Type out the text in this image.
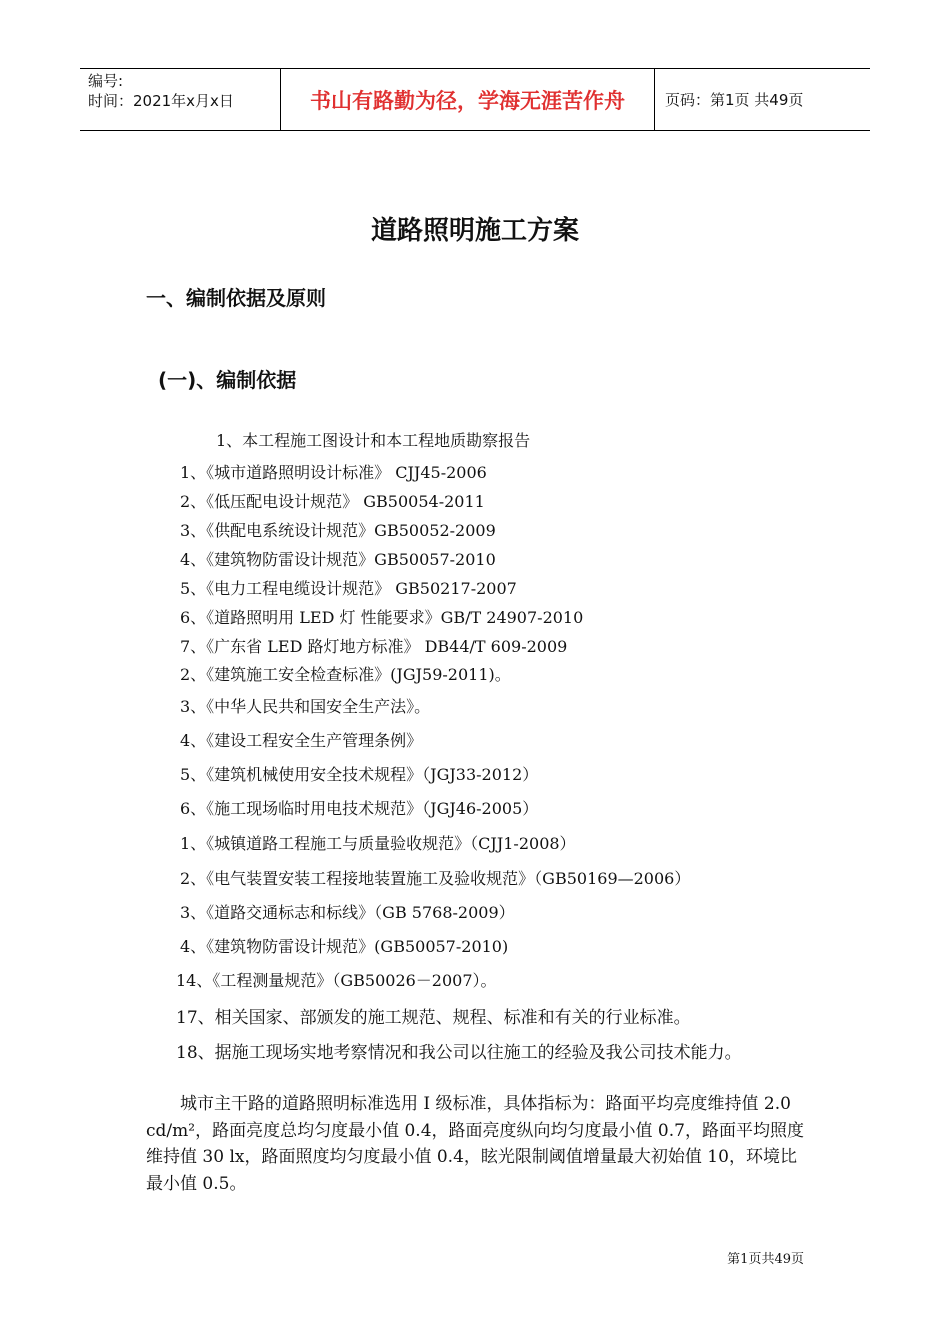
编号:
时间：2021年x月x日	书山有路勤为径，学海无涯苦作舟	页码：第1页 共49页
道路照明施工方案
一、编制依据及原则
(一)、编制依据
1、本工程施工图设计和本工程地质勘察报告
1、《城市道路照明设计标准》 CJJ45-2006
2、《低压配电设计规范》 GB50054-2011
3、《供配电系统设计规范》GB50052-2009
4、《建筑物防雷设计规范》GB50057-2010
5、《电力工程电缆设计规范》 GB50217-2007
6、《道路照明用 LED 灯 性能要求》GB/T 24907-2010
7、《广东省 LED 路灯地方标准》 DB44/T 609-2009
2、《建筑施工安全检查标准》(JGJ59-2011)。
3、《中华人民共和国安全生产法》。
4、《建设工程安全生产管理条例》
5、《建筑机械使用安全技术规程》（JGJ33-2012）
6、《施工现场临时用电技术规范》（JGJ46-2005）
1、《城镇道路工程施工与质量验收规范》（CJJ1-2008）
2、《电气装置安装工程接地装置施工及验收规范》（GB50169—2006）
3、《道路交通标志和标线》（GB 5768-2009）
4、《建筑物防雷设计规范》(GB50057-2010)
14、《工程测量规范》（GB50026－2007）。
17、相关国家、部颁发的施工规范、规程、标准和有关的行业标准。
18、据施工现场实地考察情况和我公司以往施工的经验及我公司技术能力。

城市主干路的道路照明标准选用 I 级标准，具体指标为：路面平均亮度维持值 2.0 cd/m²，路面亮度总均匀度最小值 0.4，路面亮度纵向均匀度最小值 0.7，路面平均照度维持值 30 lx，路面照度均匀度最小值 0.4，眩光限制阈值增量最大初始值 10，环境比最小值 0.5。

第1页共49页
